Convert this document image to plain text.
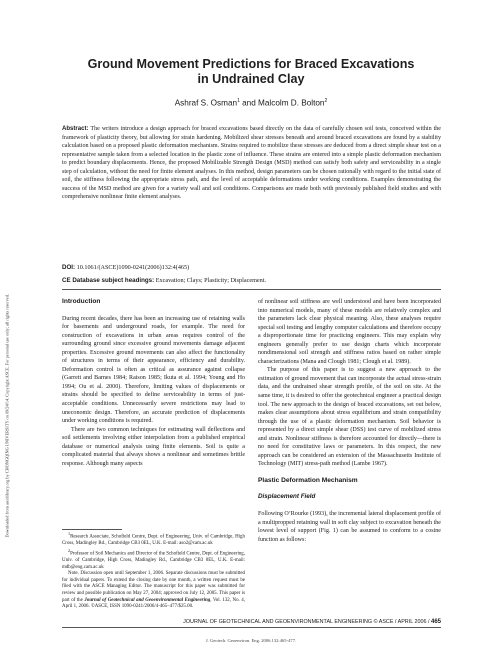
Downloaded from ascelibrary.org by CHONGQING UNIVERSITY on 09/24/14. Copyright ASCE. For personal use only; all rights reserved.
Ground Movement Predictions for Braced Excavations
in Undrained Clay
Ashraf S. Osman$^1$ and Malcolm D. Bolton$^2$
Abstract: The writers introduce a design approach for braced excavations based directly on the data of carefully chosen soil tests, conceived within the framework of plasticity theory, but allowing for strain hardening. Mobilized shear stresses beneath and around braced excavations are found by a stability calculation based on a proposed plastic deformation mechanism. Strains required to mobilize these stresses are deduced from a direct simple shear test on a representative sample taken from a selected location in the plastic zone of influence. These strains are entered into a simple plastic deformation mechanism to predict boundary displacements. Hence, the proposed Mobilizable Strength Design (MSD) method can satisfy both safety and serviceability in a single step of calculation, without the need for finite element analyses. In this method, design parameters can be chosen rationally with regard to the initial state of soil, the stiffness following the appropriate stress path, and the level of acceptable deformations under working conditions. Examples demonstrating the success of the MSD method are given for a variety wall and soil conditions. Comparisons are made both with previously published field studies and with comprehensive nonlinear finite element analyses.
DOI: 10.1061/(ASCE)1090-0241(2006)132:4(465)
CE Database subject headings: Excavation; Clays; Plasticity; Displacement.
Introduction

During recent decades, there has been an increasing use of retaining walls for basements and underground roads, for example. The need for construction of excavations in urban areas requires control of the surrounding ground since excessive ground movements damage adjacent properties. Excessive ground movements can also affect the functionality of structures in terms of their appearance, efficiency and durability. Deformation control is often as critical as assurance against collapse (Garrett and Barnes 1984; Raison 1985; Ikuta et al. 1994; Young and Ho 1994; Ou et al. 2000). Therefore, limiting values of displacements or strains should be specified to define serviceability in terms of just-acceptable conditions. Unnecessarily severe restrictions may lead to uneconomic design. Therefore, an accurate prediction of displacements under working conditions is required.

There are two common techniques for estimating wall deflections and soil settlements involving either interpolation from a published empirical database or numerical analysis using finite elements. Soil is quite a complicated material that always shows a nonlinear and sometimes brittle response. Although many aspects

$^1$Research Associate, Schofield Centre, Dept. of Engineering, Univ. of Cambridge, High Cross, Madingley Rd., Cambridge CB3 0EL, U.K. E-mail: aso2@cam.ac.uk

$^2$Professor of Soil Mechanics and Director of the Schofield Centre, Dept. of Engineering, Univ. of Cambridge, High Cross, Madingley Rd., Cambridge CB3 0EL, U.K. E-mail: mdb@eng.cam.ac.uk

Note. Discussion open until September 1, 2006. Separate discussions must be submitted for individual papers. To extend the closing date by one month, a written request must be filed with the ASCE Managing Editor. The manuscript for this paper was submitted for review and possible publication on May 27, 2004; approved on July 12, 2005. This paper is part of the Journal of Geotechnical and Geoenvironmental Engineering, Vol. 132, No. 4, April 1, 2006. ©ASCE, ISSN 1090-0241/2006/4-465–477/$25.00.

of nonlinear soil stiffness are well understood and have been incorporated into numerical models, many of these models are relatively complex and the parameters lack clear physical meaning. Also, these analyses require special soil testing and lengthy computer calculations and therefore occupy a disproportionate time for practicing engineers. This may explain why engineers generally prefer to use design charts which incorporate nondimensional soil strength and stiffness ratios based on rather simple characterizations (Mana and Clough 1981; Clough et al. 1989).

The purpose of this paper is to suggest a new approach to the estimation of ground movement that can incorporate the actual stress-strain data, and the undrained shear strength profile, of the soil on site. At the same time, it is desired to offer the geotechnical engineer a practical design tool. The new approach to the design of braced excavations, set out below, makes clear assumptions about stress equilibrium and strain compatibility through the use of a plastic deformation mechanism. Soil behavior is represented by a direct simple shear (DSS) test curve of mobilized stress and strain. Nonlinear stiffness is therefore accounted for directly—there is no need for constitutive laws or parameters. In this respect, the new approach can be considered an extension of the Massachusetts Institute of Technology (MIT) stress-path method (Lambe 1967).

Plastic Deformation Mechanism
Displacement Field

Following O’Rourke (1993), the incremental lateral displacement profile of a multipropped retaining wall in soft clay subject to excavation beneath the lowest level of support (Fig. 1) can be assumed to conform to a cosine function as follows:

JOURNAL OF GEOTECHNICAL AND GEOENVIRONMENTAL ENGINEERING © ASCE / APRIL 2006 / 465
J. Geotech. Geoenviron. Eng. 2006.132:465-477.
